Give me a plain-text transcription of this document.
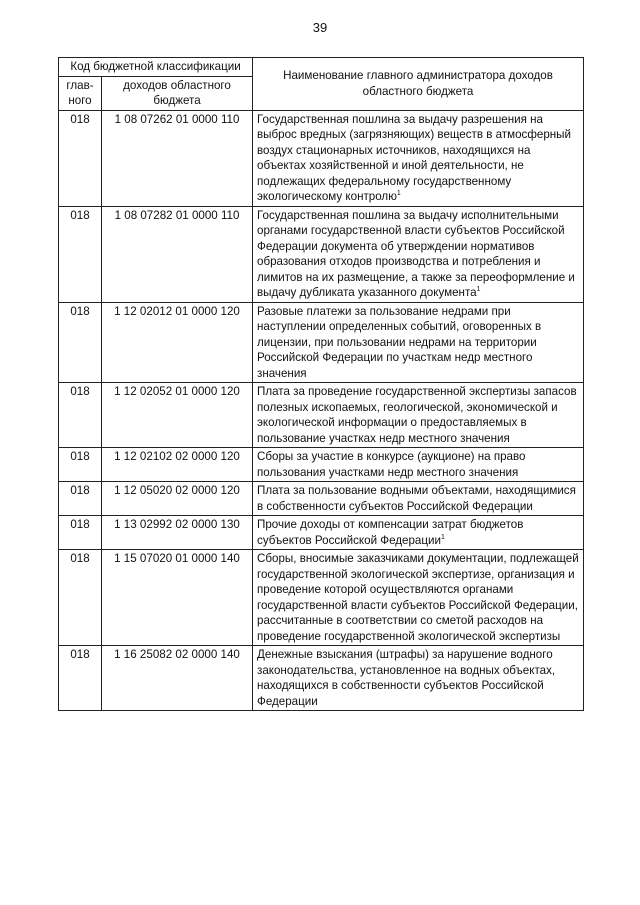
39
Код бюджетной классификации		Наименование главного администратора доходов областного бюджета
глав-ного	доходов областного бюджета	
018	1 08 07262 01 0000 110	Государственная пошлина за выдачу разрешения на выброс вредных (загрязняющих) веществ в атмосферный воздух стационарных источников, находящихся на объектах хозяйственной и иной деятельности, не подлежащих федеральному государственному экологическому контролю$^1$
018	1 08 07282 01 0000 110	Государственная пошлина за выдачу исполнительными органами государственной власти субъектов Российской Федерации документа об утверждении нормативов образования отходов производства и потребления и лимитов на их размещение, а также за переоформление и выдачу дубликата указанного документа$^1$
018	1 12 02012 01 0000 120	Разовые платежи за пользование недрами при наступлении определенных событий, оговоренных в лицензии, при пользовании недрами на территории Российской Федерации по участкам недр местного значения
018	1 12 02052 01 0000 120	Плата за проведение государственной экспертизы запасов полезных ископаемых, геологической, экономической и экологической информации о предоставляемых в пользование участках недр местного значения
018	1 12 02102 02 0000 120	Сборы за участие в конкурсе (аукционе) на право пользования участками недр местного значения
018	1 12 05020 02 0000 120	Плата за пользование водными объектами, находящимися в собственности субъектов Российской Федерации
018	1 13 02992 02 0000 130	Прочие доходы от компенсации затрат бюджетов субъектов Российской Федерации$^1$
018	1 15 07020 01 0000 140	Сборы, вносимые заказчиками документации, подлежащей государственной экологической экспертизе, организация и проведение которой осуществляются органами государственной власти субъектов Российской Федерации, рассчитанные в соответствии со сметой расходов на проведение государственной экологической экспертизы
018	1 16 25082 02 0000 140	Денежные взыскания (штрафы) за нарушение водного законодательства, установленное на водных объектах, находящихся в собственности субъектов Российской Федерации
